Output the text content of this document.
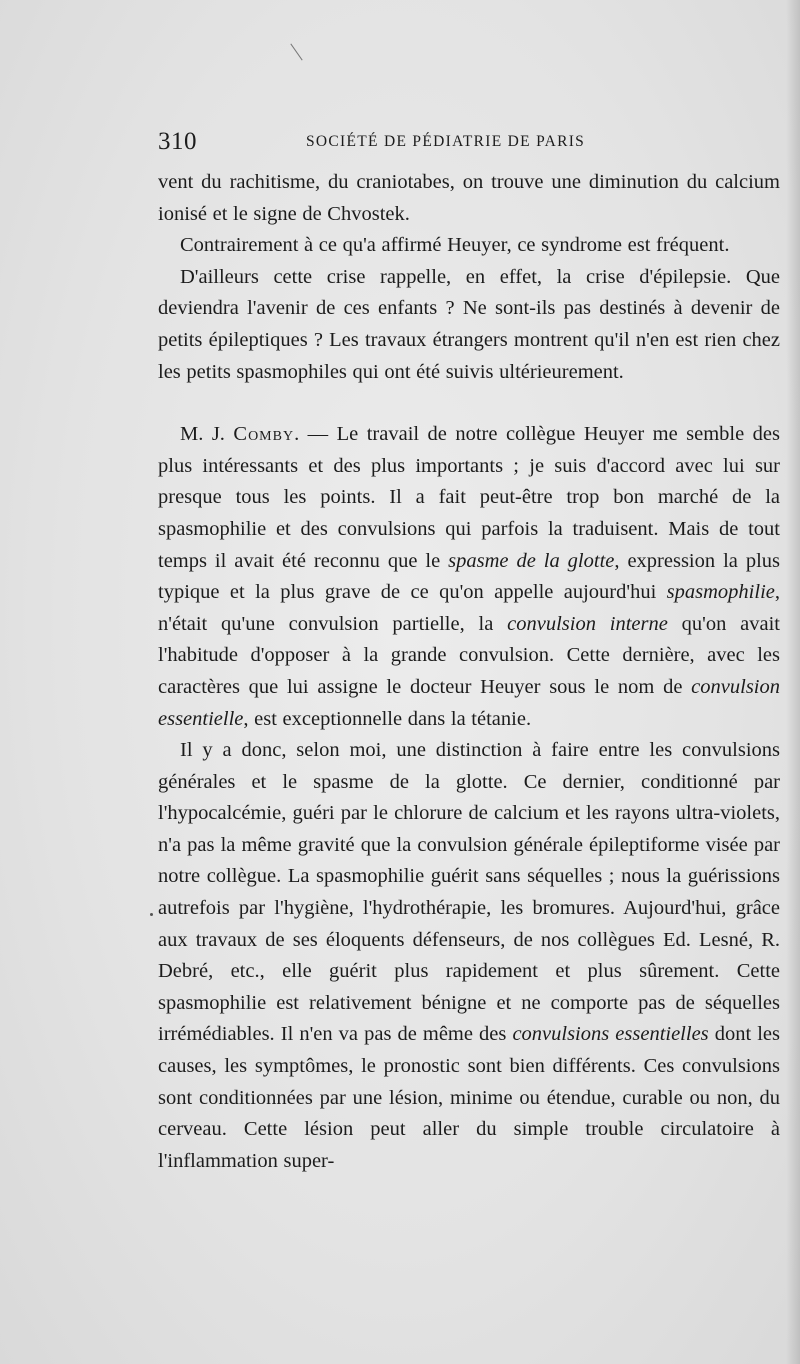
310	SOCIÉTÉ DE PÉDIATRIE DE PARIS

vent du rachitisme, du craniotabes, on trouve une diminution du calcium ionisé et le signe de Chvostek.

Contrairement à ce qu'a affirmé Heuyer, ce syndrome est fréquent.

D'ailleurs cette crise rappelle, en effet, la crise d'épilepsie. Que deviendra l'avenir de ces enfants ? Ne sont-ils pas destinés à devenir de petits épileptiques ? Les travaux étrangers montrent qu'il n'en est rien chez les petits spasmophiles qui ont été suivis ultérieurement.

M. J. Comby. — Le travail de notre collègue Heuyer me semble des plus intéressants et des plus importants ; je suis d'accord avec lui sur presque tous les points. Il a fait peut-être trop bon marché de la spasmophilie et des convulsions qui parfois la traduisent. Mais de tout temps il avait été reconnu que le spasme de la glotte, expression la plus typique et la plus grave de ce qu'on appelle aujourd'hui spasmophilie, n'était qu'une convulsion partielle, la convulsion interne qu'on avait l'habitude d'opposer à la grande convulsion. Cette dernière, avec les caractères que lui assigne le docteur Heuyer sous le nom de convulsion essentielle, est exceptionnelle dans la tétanie.

Il y a donc, selon moi, une distinction à faire entre les convulsions générales et le spasme de la glotte. Ce dernier, conditionné par l'hypocalcémie, guéri par le chlorure de calcium et les rayons ultra-violets, n'a pas la même gravité que la convulsion générale épileptiforme visée par notre collègue. La spasmophilie guérit sans séquelles ; nous la guérissions autrefois par l'hygiène, l'hydrothérapie, les bromures. Aujourd'hui, grâce aux travaux de ses éloquents défenseurs, de nos collègues Ed. Lesné, R. Debré, etc., elle guérit plus rapidement et plus sûrement. Cette spasmophilie est relativement bénigne et ne comporte pas de séquelles irrémédiables. Il n'en va pas de même des convulsions essentielles dont les causes, les symptômes, le pronostic sont bien différents. Ces convulsions sont conditionnées par une lésion, minime ou étendue, curable ou non, du cerveau. Cette lésion peut aller du simple trouble circulatoire à l'inflammation super-
